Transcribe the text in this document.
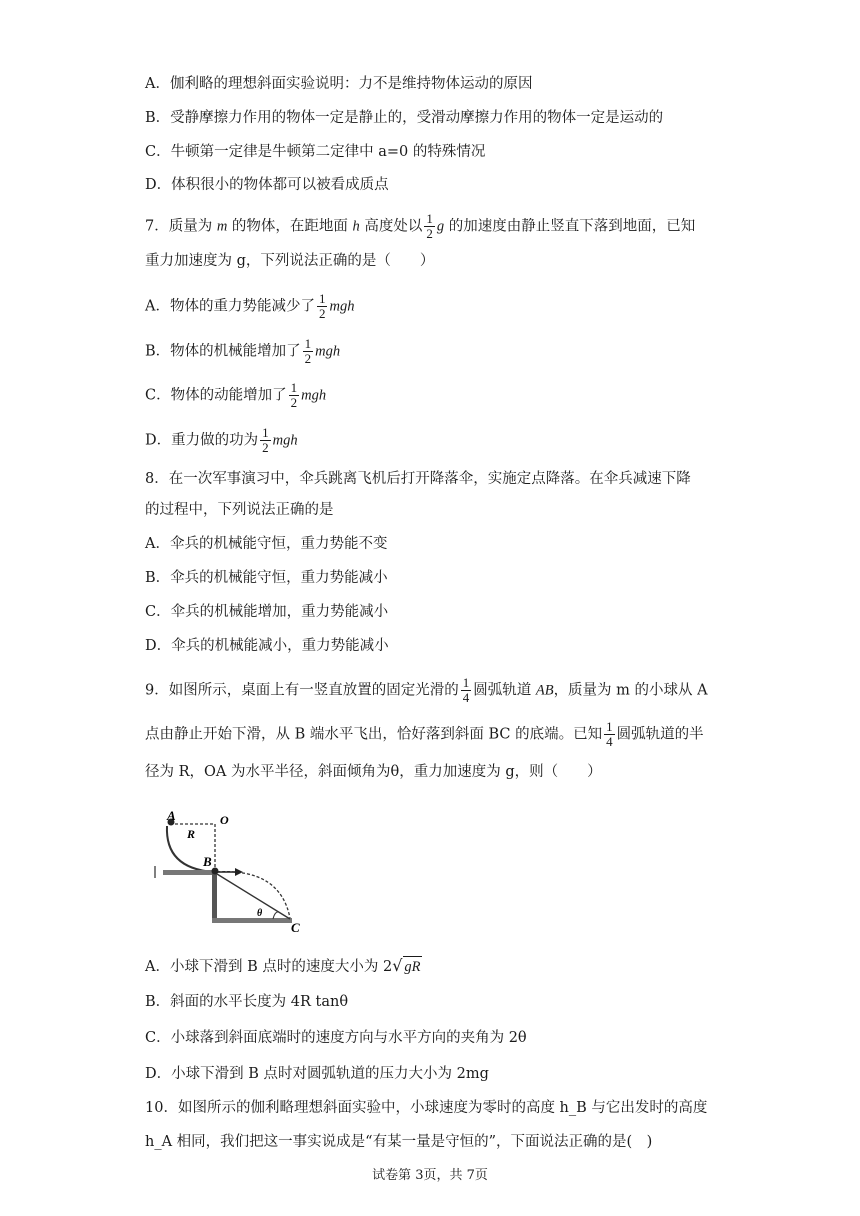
A．伽利略的理想斜面实验说明：力不是维持物体运动的原因
B．受静摩擦力作用的物体一定是静止的，受滑动摩擦力作用的物体一定是运动的
C．牛顿第一定律是牛顿第二定律中 a=0 的特殊情况
D．体积很小的物体都可以被看成质点
7．质量为 m 的物体，在距地面 h 高度处以 $\frac{1}{2}$ g 的加速度由静止竖直下落到地面，已知
重力加速度为 g，下列说法正确的是（　　）
A．物体的重力势能减少了 $\frac{1}{2}$ mgh
B．物体的机械能增加了 $\frac{1}{2}$ mgh
C．物体的动能增加了 $\frac{1}{2}$ mgh
D．重力做的功为 $\frac{1}{2}$ mgh
8．在一次军事演习中，伞兵跳离飞机后打开降落伞，实施定点降落。在伞兵减速下降
的过程中，下列说法正确的是
A．伞兵的机械能守恒，重力势能不变
B．伞兵的机械能守恒，重力势能减小
C．伞兵的机械能增加，重力势能减小
D．伞兵的机械能减小，重力势能减小
9．如图所示，桌面上有一竖直放置的固定光滑的 $\frac{1}{4}$ 圆弧轨道 AB，质量为 m 的小球从 A
点由静止开始下滑，从 B 端水平飞出，恰好落到斜面 BC 的底端。已知 $\frac{1}{4}$ 圆弧轨道的半
径为 R，OA 为水平半径，斜面倾角为θ，重力加速度为 g，则（　　）
A	O
R
B
θ
C
A．小球下滑到 B 点时的速度大小为 2√ gR
B．斜面的水平长度为 4R tanθ
C．小球落到斜面底端时的速度方向与水平方向的夹角为 2θ
D．小球下滑到 B 点时对圆弧轨道的压力大小为 2mg
10．如图所示的伽利略理想斜面实验中，小球速度为零时的高度 h_B 与它出发时的高度
h_A 相同，我们把这一事实说成是“有某一量是守恒的”，下面说法正确的是(　)
试卷第 3页，共 7页
